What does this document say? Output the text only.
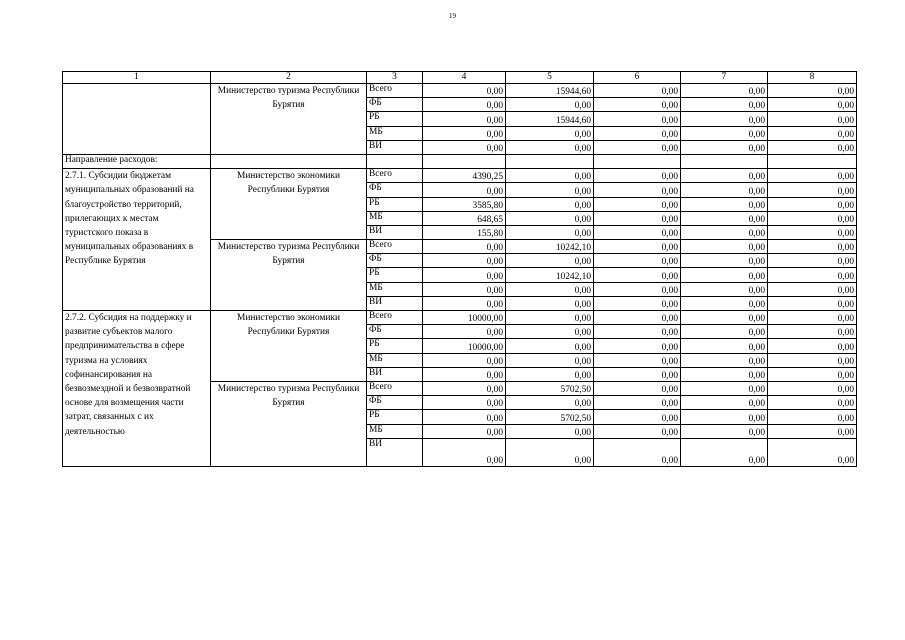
19
1	2	3	4	5	6	7	8
	Министерство туризма Республики Бурятия	Всего	0,00	15944,60	0,00	0,00	0,00
		ФБ	0,00	0,00	0,00	0,00	0,00
		РБ	0,00	15944,60	0,00	0,00	0,00
		МБ	0,00	0,00	0,00	0,00	0,00
		ВИ	0,00	0,00	0,00	0,00	0,00
Направление расходов:							
2.7.1. Субсидии бюджетам муниципальных образований на благоустройство территорий, прилегающих к местам туристского показа в муниципальных образованиях в Республике Бурятия	Министерство экономики Республики Бурятия	Всего	4390,25	0,00	0,00	0,00	0,00
		ФБ	0,00	0,00	0,00	0,00	0,00
		РБ	3585,80	0,00	0,00	0,00	0,00
		МБ	648,65	0,00	0,00	0,00	0,00
		ВИ	155,80	0,00	0,00	0,00	0,00
	Министерство туризма Республики Бурятия	Всего	0,00	10242,10	0,00	0,00	0,00
		ФБ	0,00	0,00	0,00	0,00	0,00
		РБ	0,00	10242,10	0,00	0,00	0,00
		МБ	0,00	0,00	0,00	0,00	0,00
		ВИ	0,00	0,00	0,00	0,00	0,00
2.7.2. Субсидия на поддержку и развитие субъектов малого предпринимательства в сфере туризма на условиях софинансирования на безвозмездной и безвозвратной основе для возмещения части затрат, связанных с их деятельностью	Министерство экономики Республики Бурятия	Всего	10000,00	0,00	0,00	0,00	0,00
		ФБ	0,00	0,00	0,00	0,00	0,00
		РБ	10000,00	0,00	0,00	0,00	0,00
		МБ	0,00	0,00	0,00	0,00	0,00
		ВИ	0,00	0,00	0,00	0,00	0,00
	Министерство туризма Республики Бурятия	Всего	0,00	5702,50	0,00	0,00	0,00
		ФБ	0,00	0,00	0,00	0,00	0,00
		РБ	0,00	5702,50	0,00	0,00	0,00
		МБ	0,00	0,00	0,00	0,00	0,00
		ВИ	0,00	0,00	0,00	0,00	0,00
